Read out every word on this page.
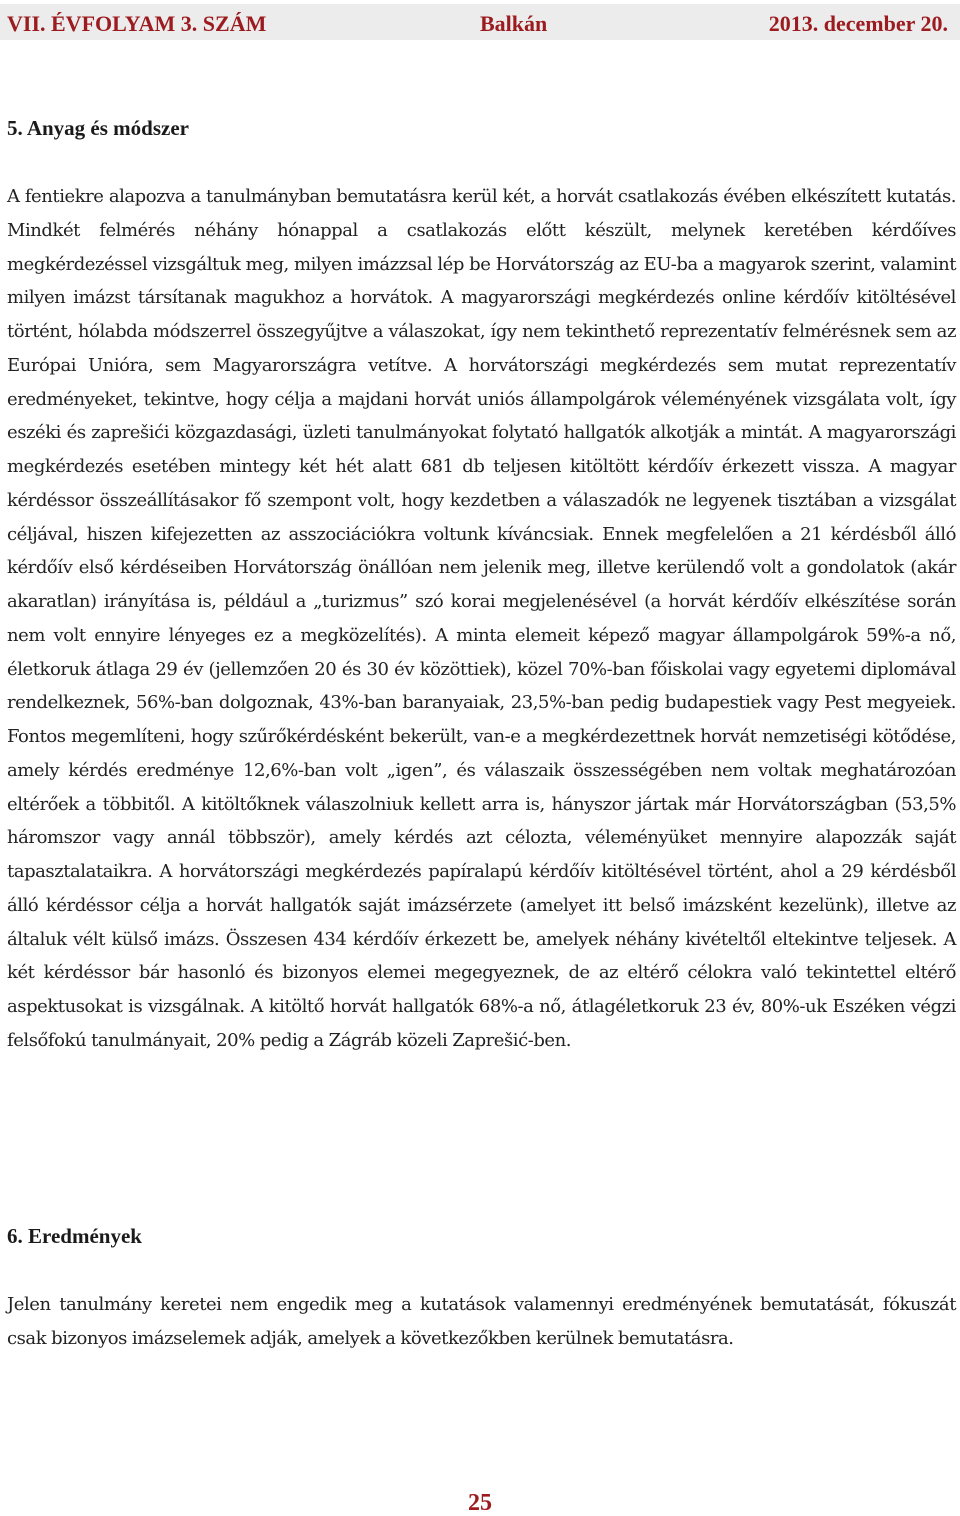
VII. ÉVFOLYAM 3. SZÁM	Balkán	2013. december 20.
5. Anyag és módszer

A fentiekre alapozva a tanulmányban bemutatásra kerül két, a horvát csatlakozás évében elkészített kutatás. Mindkét felmérés néhány hónappal a csatlakozás előtt készült, melynek keretében kérdőíves megkérdezéssel vizsgáltuk meg, milyen imázzsal lép be Horvátország az EU-ba a magyarok szerint, valamint milyen imázst társítanak magukhoz a horvátok. A magyarországi megkérdezés online kérdőív kitöltésével történt, hólabda módszerrel összegyűjtve a válaszokat, így nem tekinthető reprezentatív felmérésnek sem az Európai Unióra, sem Magyarországra vetítve. A horvátországi megkérdezés sem mutat reprezentatív eredményeket, tekintve, hogy célja a majdani horvát uniós állampolgárok véleményének vizsgálata volt, így eszéki és zaprešići közgazdasági, üzleti tanulmányokat folytató hallgatók alkotják a mintát. A magyarországi megkérdezés esetében mintegy két hét alatt 681 db teljesen kitöltött kérdőív érkezett vissza. A magyar kérdéssor összeállításakor fő szempont volt, hogy kezdetben a válaszadók ne legyenek tisztában a vizsgálat céljával, hiszen kifejezetten az asszociációkra voltunk kíváncsiak. Ennek megfelelően a 21 kérdésből álló kérdőív első kérdéseiben Horvátország önállóan nem jelenik meg, illetve kerülendő volt a gondolatok (akár akaratlan) irányítása is, például a „turizmus” szó korai megjelenésével (a horvát kérdőív elkészítése során nem volt ennyire lényeges ez a megközelítés). A minta elemeit képező magyar állampolgárok 59%-a nő, életkoruk átlaga 29 év (jellemzően 20 és 30 év közöttiek), közel 70%-ban főiskolai vagy egyetemi diplomával rendelkeznek, 56%-ban dolgoznak, 43%-ban baranyaiak, 23,5%-ban pedig budapestiek vagy Pest megyeiek. Fontos megemlíteni, hogy szűrőkérdésként bekerült, van-e a megkérdezettnek horvát nemzetiségi kötődése, amely kérdés eredménye 12,6%-ban volt „igen”, és válaszaik összességében nem voltak meghatározóan eltérőek a többitől. A kitöltőknek válaszolniuk kellett arra is, hányszor jártak már Horvátországban (53,5% háromszor vagy annál többször), amely kérdés azt célozta, véleményüket mennyire alapozzák saját tapasztalataikra. A horvátországi megkérdezés papíralapú kérdőív kitöltésével történt, ahol a 29 kérdésből álló kérdéssor célja a horvát hallgatók saját imázsérzete (amelyet itt belső imázsként kezelünk), illetve az általuk vélt külső imázs. Összesen 434 kérdőív érkezett be, amelyek néhány kivételtől eltekintve teljesek. A két kérdéssor bár hasonló és bizonyos elemei megegyeznek, de az eltérő célokra való tekintettel eltérő aspektusokat is vizsgálnak. A kitöltő horvát hallgatók 68%-a nő, átlagéletkoruk 23 év, 80%-uk Eszéken végzi felsőfokú tanulmányait, 20% pedig a Zágráb közeli Zaprešić-ben.

6. Eredmények

Jelen tanulmány keretei nem engedik meg a kutatások valamennyi eredményének bemutatását, fókuszát csak bizonyos imázselemek adják, amelyek a következőkben kerülnek bemutatásra.

25
